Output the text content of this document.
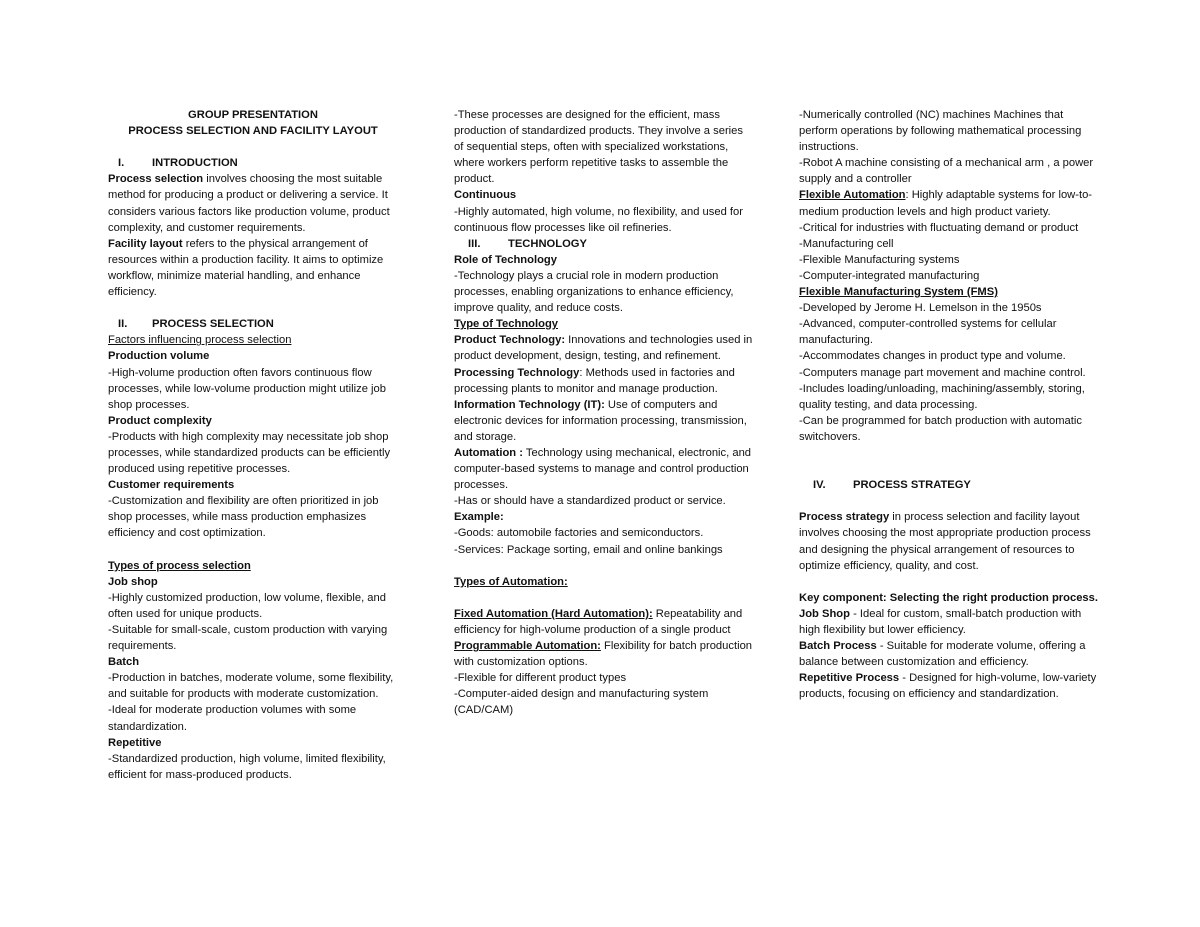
GROUP PRESENTATION

PROCESS SELECTION AND FACILITY LAYOUT

I. INTRODUCTION

Process selection involves choosing the most suitable method for producing a product or delivering a service. It considers various factors like production volume, product complexity, and customer requirements.

Facility layout refers to the physical arrangement of resources within a production facility. It aims to optimize workflow, minimize material handling, and enhance efficiency.

II. PROCESS SELECTION

Factors influencing process selection

Production volume

-High-volume production often favors continuous flow processes, while low-volume production might utilize job shop processes.

Product complexity

-Products with high complexity may necessitate job shop processes, while standardized products can be efficiently produced using repetitive processes.

Customer requirements

-Customization and flexibility are often prioritized in job shop processes, while mass production emphasizes efficiency and cost optimization.

Types of process selection

Job shop

-Highly customized production, low volume, flexible, and often used for unique products.

-Suitable for small-scale, custom production with varying requirements.

Batch

-Production in batches, moderate volume, some flexibility, and suitable for products with moderate customization.

-Ideal for moderate production volumes with some standardization.

Repetitive

-Standardized production, high volume, limited flexibility, efficient for mass-produced products.

-These processes are designed for the efficient, mass production of standardized products. They involve a series of sequential steps, often with specialized workstations, where workers perform repetitive tasks to assemble the product.

Continuous

-Highly automated, high volume, no flexibility, and used for continuous flow processes like oil refineries.

III. TECHNOLOGY

Role of Technology

-Technology plays a crucial role in modern production processes, enabling organizations to enhance efficiency, improve quality, and reduce costs.

Type of Technology

Product Technology: Innovations and technologies used in product development, design, testing, and refinement.

Processing Technology: Methods used in factories and processing plants to monitor and manage production.

Information Technology (IT): Use of computers and electronic devices for information processing, transmission, and storage.

Automation : Technology using mechanical, electronic, and computer-based systems to manage and control production processes.

-Has or should have a standardized product or service.

Example:

-Goods: automobile factories and semiconductors.

-Services: Package sorting, email and online bankings

Types of Automation:

Fixed Automation (Hard Automation): Repeatability and efficiency for high-volume production of a single product

Programmable Automation: Flexibility for batch production with customization options.

-Flexible for different product types

-Computer-aided design and manufacturing system (CAD/CAM)

-Numerically controlled (NC) machines Machines that perform operations by following mathematical processing instructions.

-Robot A machine consisting of a mechanical arm , a power supply and a controller

Flexible Automation: Highly adaptable systems for low-to-medium production levels and high product variety.

-Critical for industries with fluctuating demand or product

-Manufacturing cell

-Flexible Manufacturing systems

-Computer-integrated manufacturing

Flexible Manufacturing System (FMS)

-Developed by Jerome H. Lemelson in the 1950s

-Advanced, computer-controlled systems for cellular manufacturing.

-Accommodates changes in product type and volume.

-Computers manage part movement and machine control.

-Includes loading/unloading, machining/assembly, storing, quality testing, and data processing.

-Can be programmed for batch production with automatic switchovers.

IV. PROCESS STRATEGY

Process strategy in process selection and facility layout involves choosing the most appropriate production process and designing the physical arrangement of resources to optimize efficiency, quality, and cost.

Key component: Selecting the right production process.

Job Shop - Ideal for custom, small-batch production with high flexibility but lower efficiency.

Batch Process - Suitable for moderate volume, offering a balance between customization and efficiency.

Repetitive Process - Designed for high-volume, low-variety products, focusing on efficiency and standardization.
